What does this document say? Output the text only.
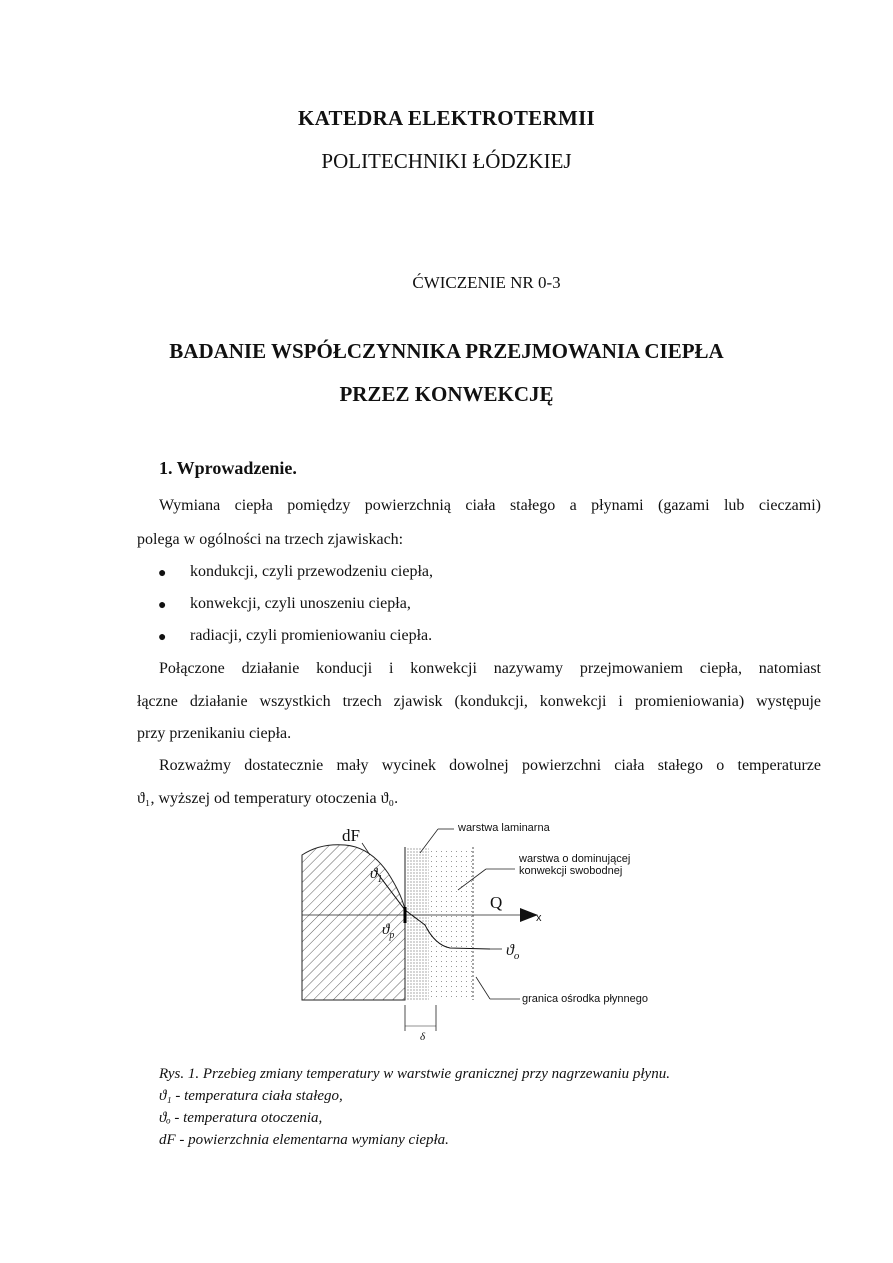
KATEDRA ELEKTROTERMII
POLITECHNIKI ŁÓDZKIEJ
ĆWICZENIE NR 0-3
BADANIE WSPÓŁCZYNNIKA PRZEJMOWANIA CIEPŁA
PRZEZ KONWEKCJĘ
1. Wprowadzenie.
Wymiana ciepła pomiędzy powierzchnią ciała stałego a płynami (gazami lub cieczami)
polega w ogólności na trzech zjawiskach:
● kondukcji, czyli przewodzeniu ciepła,
● konwekcji, czyli unoszeniu ciepła,
● radiacji, czyli promieniowaniu ciepła.
Połączone działanie konducji i konwekcji nazywamy przejmowaniem ciepła, natomiast
łączne działanie wszystkich trzech zjawisk (kondukcji, konwekcji i promieniowania) występuje
przy przenikaniu ciepła.
Rozważmy dostatecznie mały wycinek dowolnej powierzchni ciała stałego o temperaturze
ϑ₁, wyższej od temperatury otoczenia ϑ₀.
dF	warstwa laminarna
warstwa o dominującej
konwekcji swobodnej
Q
x
$ϑ_1$
$ϑ_p$
$ϑ_o$
granica ośrodka płynnego
δ
Rys. 1. Przebieg zmiany temperatury w warstwie granicznej przy nagrzewaniu płynu.
ϑ₁ - temperatura ciała stałego,
ϑₒ - temperatura otoczenia,
dF - powierzchnia elementarna wymiany ciepła.
